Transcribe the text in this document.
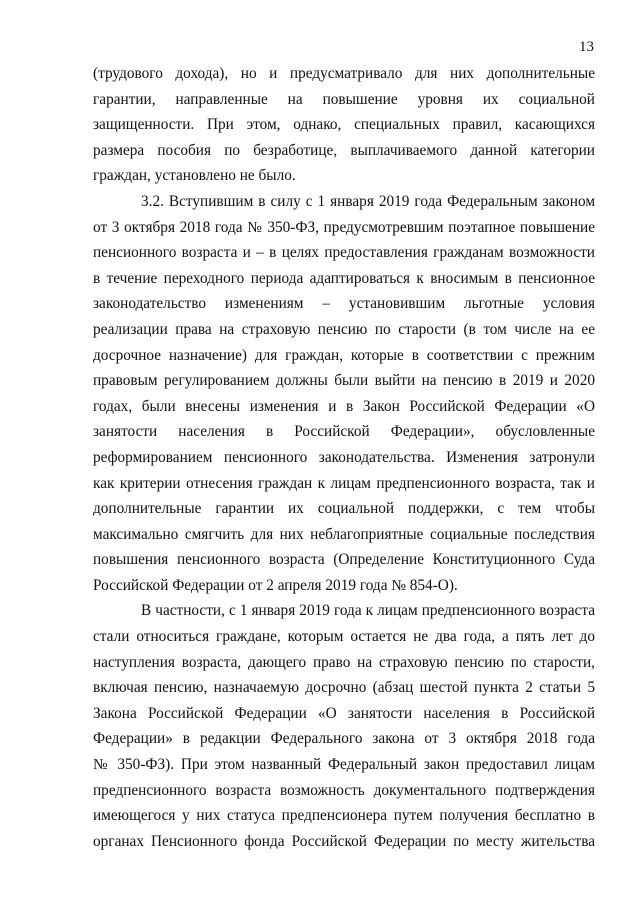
13
(трудового дохода), но и предусматривало для них дополнительные
гарантии, направленные на повышение уровня их социальной
защищенности. При этом, однако, специальных правил, касающихся
размера пособия по безработице, выплачиваемого данной категории
граждан, установлено не было.
3.2. Вступившим в силу с 1 января 2019 года Федеральным законом
от 3 октября 2018 года № 350-ФЗ, предусмотревшим поэтапное повышение
пенсионного возраста и – в целях предоставления гражданам возможности
в течение переходного периода адаптироваться к вносимым в пенсионное
законодательство изменениям – установившим льготные условия
реализации права на страховую пенсию по старости (в том числе на ее
досрочное назначение) для граждан, которые в соответствии с прежним
правовым регулированием должны были выйти на пенсию в 2019 и 2020
годах, были внесены изменения и в Закон Российской Федерации «О
занятости населения в Российской Федерации», обусловленные
реформированием пенсионного законодательства. Изменения затронули
как критерии отнесения граждан к лицам предпенсионного возраста, так и
дополнительные гарантии их социальной поддержки, с тем чтобы
максимально смягчить для них неблагоприятные социальные последствия
повышения пенсионного возраста (Определение Конституционного Суда
Российской Федерации от 2 апреля 2019 года № 854-О).
В частности, с 1 января 2019 года к лицам предпенсионного возраста
стали относиться граждане, которым остается не два года, а пять лет до
наступления возраста, дающего право на страховую пенсию по старости,
включая пенсию, назначаемую досрочно (абзац шестой пункта 2 статьи 5
Закона Российской Федерации «О занятости населения в Российской
Федерации» в редакции Федерального закона от 3 октября 2018 года
№ 350-ФЗ). При этом названный Федеральный закон предоставил лицам
предпенсионного возраста возможность документального подтверждения
имеющегося у них статуса предпенсионера путем получения бесплатно в
органах Пенсионного фонда Российской Федерации по месту жительства
